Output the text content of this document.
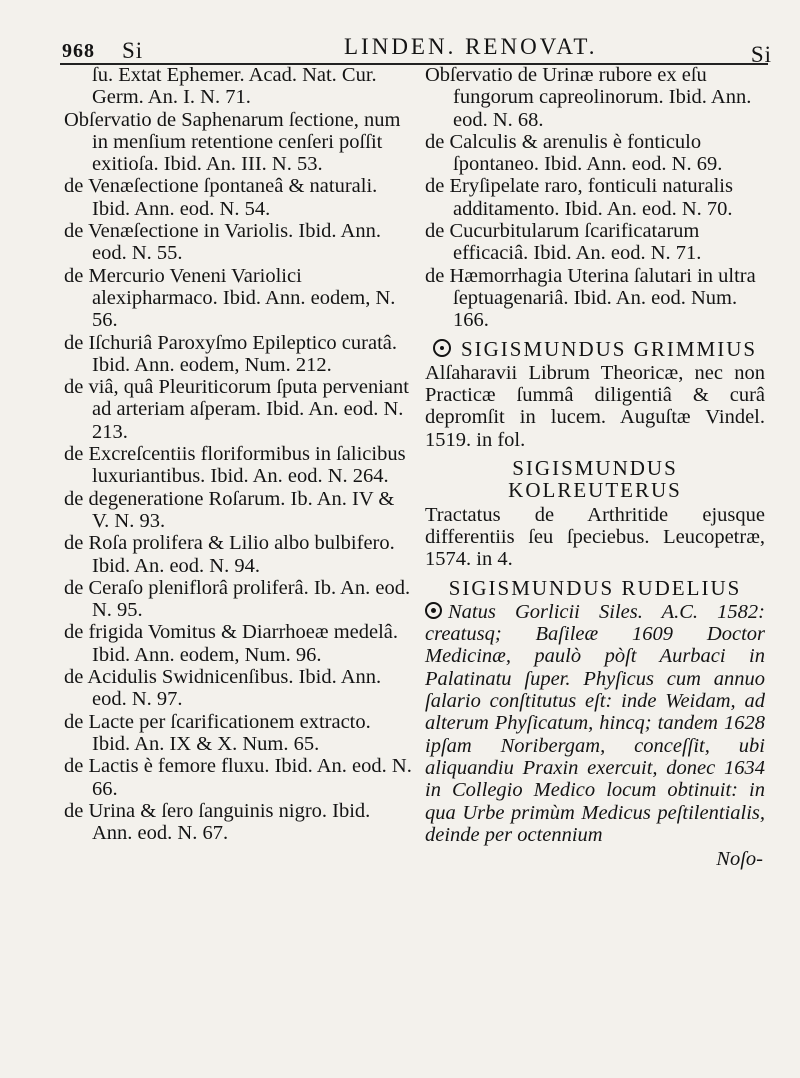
968 Si	LINDEN. RENOVAT.	Si

ſu. Extat Ephemer. Acad. Nat. Cur. Germ. An. I. N. 71.

Obſervatio de Saphenarum ſectione, num in menſium retentione cenſeri poſſit exitioſa. Ibid. An. III. N. 53.

de Venæſectione ſpontaneâ & naturali. Ibid. Ann. eod. N. 54.

de Venæſectione in Variolis. Ibid. Ann. eod. N. 55.

de Mercurio Veneni Variolici alexipharmaco. Ibid. Ann. eodem, N. 56.

de Iſchuriâ Paroxyſmo Epileptico curatâ. Ibid. Ann. eodem, Num. 212.

de viâ, quâ Pleuriticorum ſputa perveniant ad arteriam aſperam. Ibid. An. eod. N. 213.

de Excreſcentiis floriformibus in ſalicibus luxuriantibus. Ibid. An. eod. N. 264.

de degeneratione Roſarum. Ib. An. IV & V. N. 93.

de Roſa prolifera & Lilio albo bulbifero. Ibid. An. eod. N. 94.

de Ceraſo pleniflorâ proliferâ. Ib. An. eod. N. 95.

de frigida Vomitus & Diarrhoeæ medelâ. Ibid. Ann. eodem, Num. 96.

de Acidulis Swidnicenſibus. Ibid. Ann. eod. N. 97.

de Lacte per ſcarificationem extracto. Ibid. An. IX & X. Num. 65.

de Lactis è femore fluxu. Ibid. An. eod. N. 66.

de Urina & ſero ſanguinis nigro. Ibid. Ann. eod. N. 67.

Obſervatio de Urinæ rubore ex eſu fungorum capreolinorum. Ibid. Ann. eod. N. 68.

de Calculis & arenulis è fonticulo ſpontaneo. Ibid. Ann. eod. N. 69.

de Eryſipelate raro, fonticuli naturalis additamento. Ibid. An. eod. N. 70.

de Cucurbitularum ſcarificatarum efficaciâ. Ibid. An. eod. N. 71.

de Hæmorrhagia Uterina ſalutari in ultra ſeptuagenariâ. Ibid. An. eod. Num. 166.

SIGISMUNDUS GRIMMIUS

Alſaharavii Librum Theoricæ, nec non Practicæ ſummâ diligentiâ & curâ depromſit in lucem. Auguſtæ Vindel. 1519. in fol.

SIGISMUNDUS KOLREUTERUS

Tractatus de Arthritide ejusque differentiis ſeu ſpeciebus. Leucopetræ, 1574. in 4.

SIGISMUNDUS RUDELIUS

Natus Gorlicii Siles. A.C. 1582: creatusq; Baſileæ 1609 Doctor Medicinæ, paulò pòſt Aurbaci in Palatinatu ſuper. Phyſicus cum annuo ſalario conſtitutus eſt: inde Weidam, ad alterum Phyſicatum, hincq; tandem 1628 ipſam Noribergam, conceſſit, ubi aliquandiu Praxin exercuit, donec 1634 in Collegio Medico locum obtinuit: in qua Urbe primùm Medicus peſtilentialis, deinde per octennium

Noſo-
